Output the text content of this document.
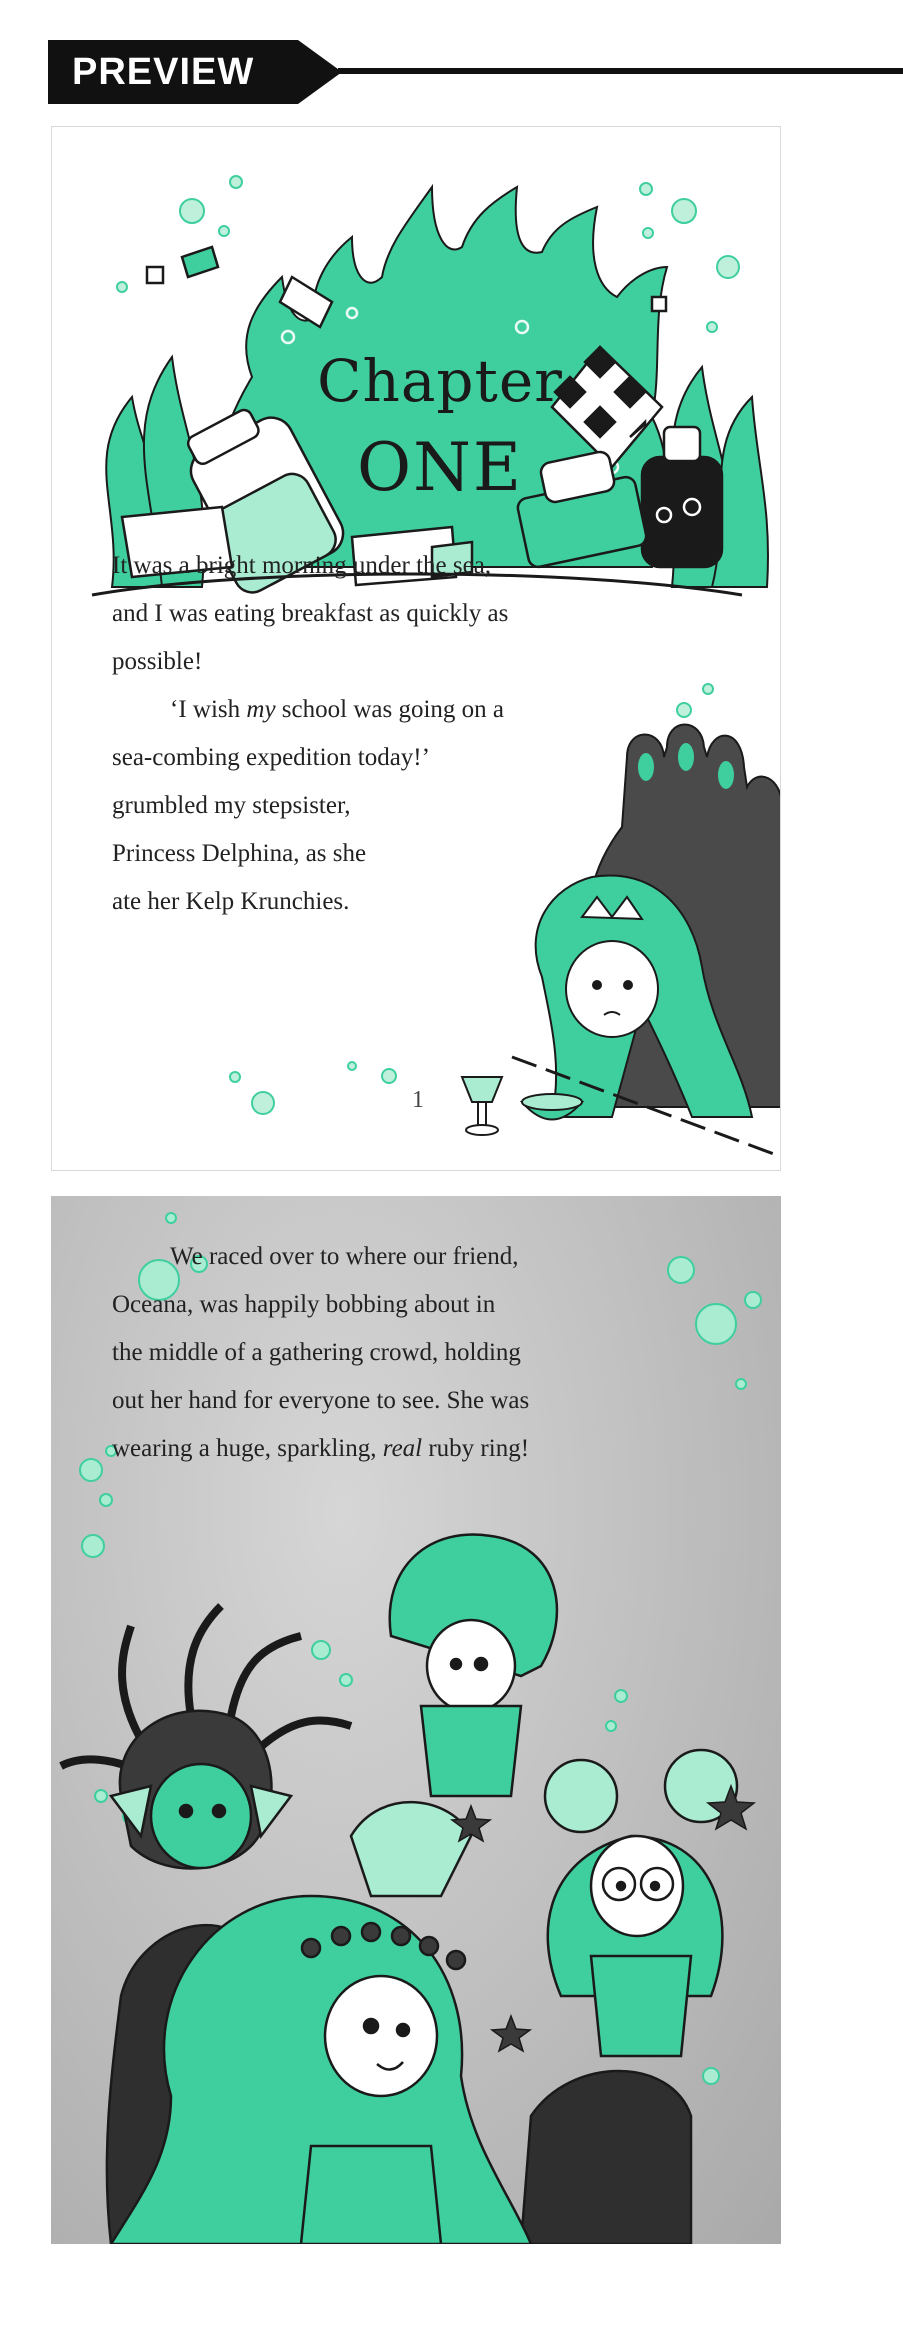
PREVIEW
Chapter
ONE
1
It was a bright morning under the sea,
and I was eating breakfast as quickly as
possible!
‘I wish my school was going on a
sea-combing expedition today!’
grumbled my stepsister,
Princess Delphina, as she
ate her Kelp Krunchies.
We raced over to where our friend,
Oceana, was happily bobbing about in
the middle of a gathering crowd, holding
out her hand for everyone to see. She was
wearing a huge, sparkling, real ruby ring!
